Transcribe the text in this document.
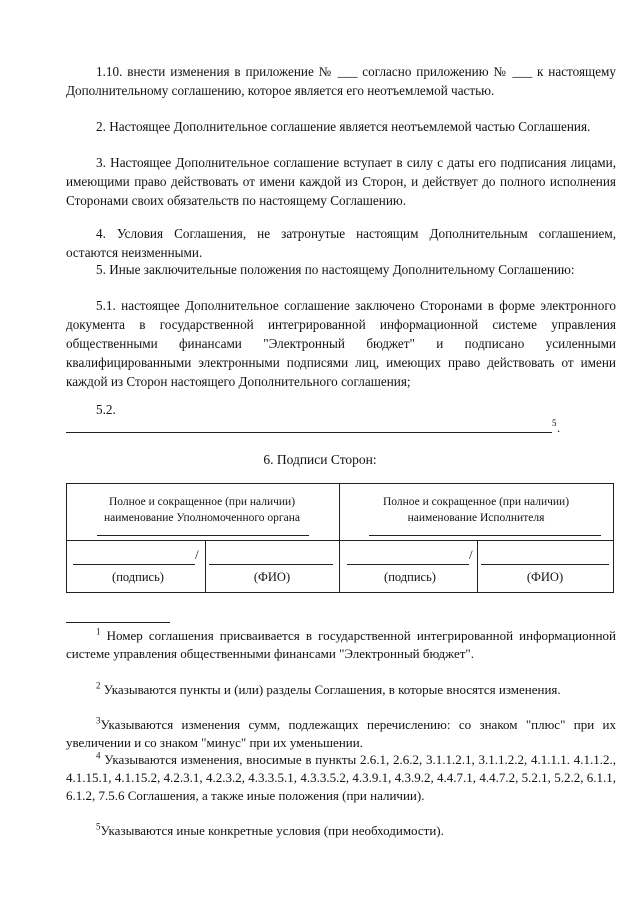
1.10. внести изменения в приложение № ___ согласно приложению № ___ к настоящему Дополнительному соглашению, которое является его неотъемлемой частью.

2. Настоящее Дополнительное соглашение является неотъемлемой частью Соглашения.

3. Настоящее Дополнительное соглашение вступает в силу с даты его подписания лицами, имеющими право действовать от имени каждой из Сторон, и действует до полного исполнения Сторонами своих обязательств по настоящему Соглашению.

4. Условия Соглашения, не затронутые настоящим Дополнительным соглашением, остаются неизменными.

5. Иные заключительные положения по настоящему Дополнительному Соглашению:

5.1. настоящее Дополнительное соглашение заключено Сторонами в форме электронного документа в государственной интегрированной информационной системе управления общественными финансами "Электронный бюджет" и подписано усиленными квалифицированными электронными подписями лиц, имеющих право действовать от имени каждой из Сторон настоящего Дополнительного соглашения;

5.2.

5 .
6. Подписи Сторон:
Полное и сокращенное (при наличии) наименование Уполномоченного органа
Полное и сокращенное (при наличии) наименование Исполнителя
/
(подпись)	(ФИО)
/
(подпись)	(ФИО)

$^1$ Номер соглашения присваивается в государственной интегрированной информационной системе управления общественными финансами "Электронный бюджет".

$^2$ Указываются пункты и (или) разделы Соглашения, в которые вносятся изменения.

$^3$Указываются изменения сумм, подлежащих перечислению: со знаком "плюс" при их увеличении и со знаком "минус" при их уменьшении.

$^4$ Указываются изменения, вносимые в пункты 2.6.1, 2.6.2, 3.1.1.2.1, 3.1.1.2.2, 4.1.1.1. 4.1.1.2., 4.1.15.1, 4.1.15.2, 4.2.3.1, 4.2.3.2, 4.3.3.5.1, 4.3.3.5.2, 4.3.9.1, 4.3.9.2, 4.4.7.1, 4.4.7.2, 5.2.1, 5.2.2, 6.1.1, 6.1.2, 7.5.6 Соглашения, а также иные положения (при наличии).

$^5$Указываются иные конкретные условия (при необходимости).
